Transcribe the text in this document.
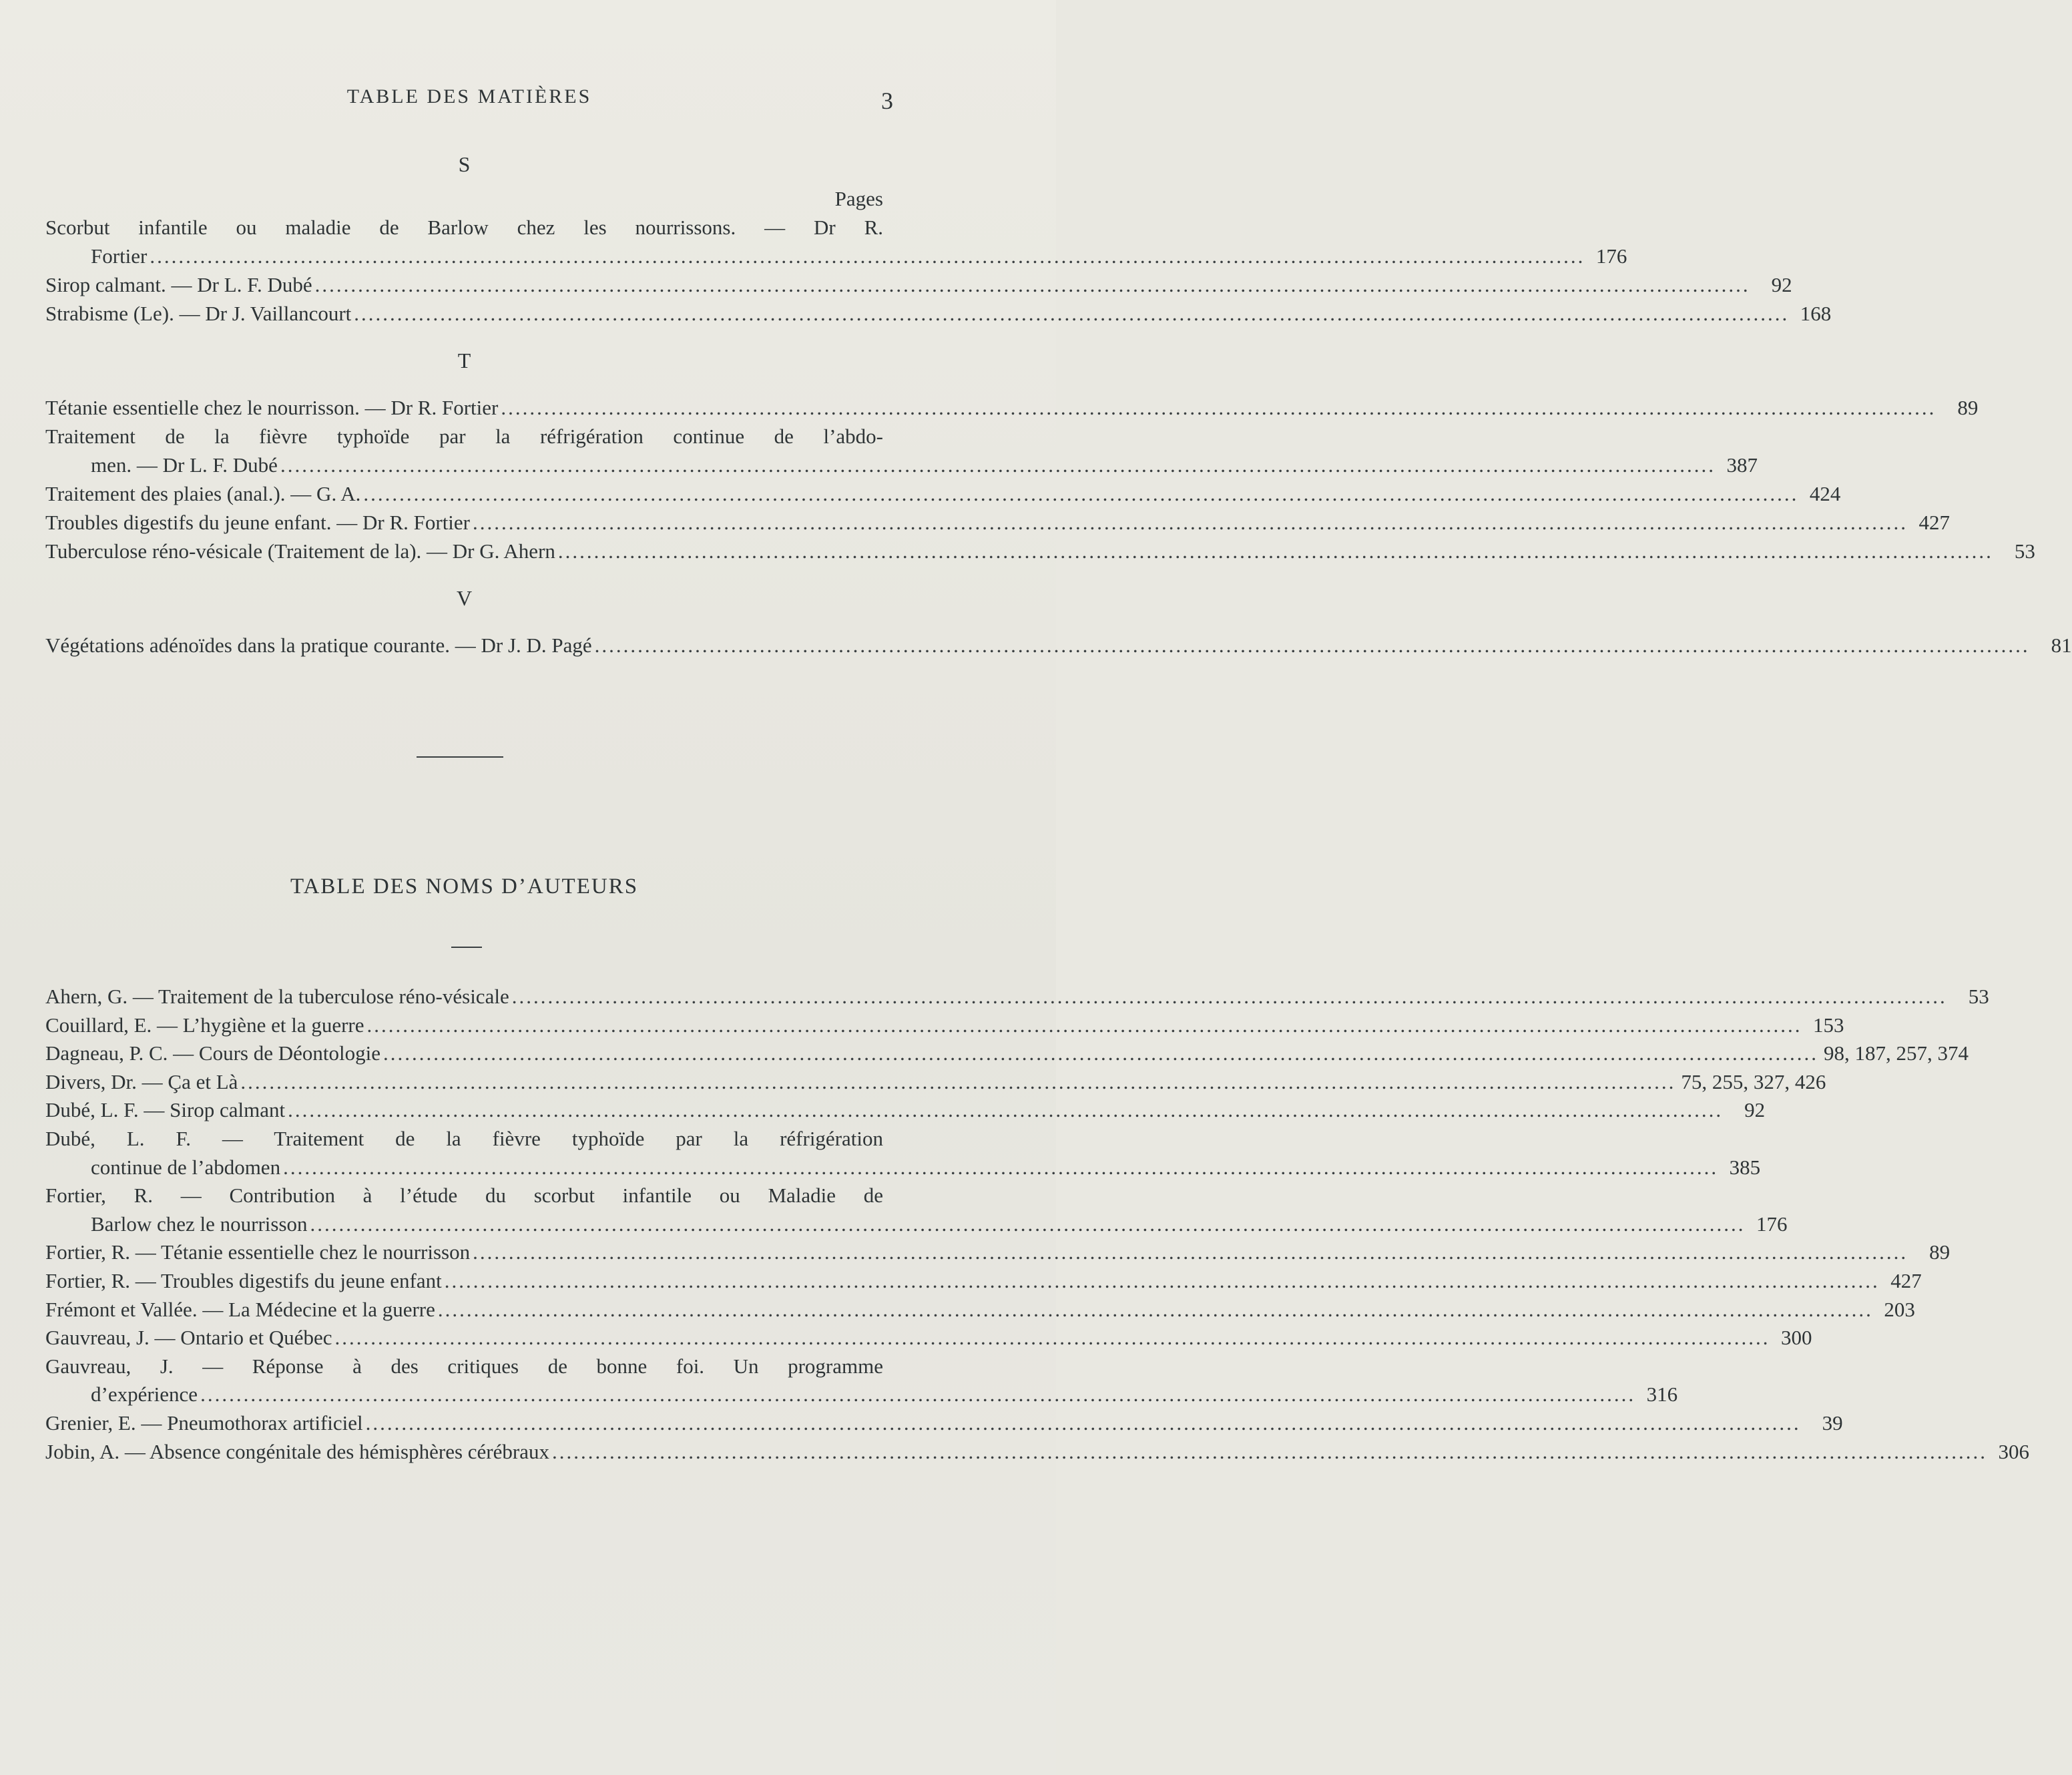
TABLE DES MATIÈRES	3
S
Pages
Scorbut infantile ou maladie de Barlow chez les nourrissons. — Dr R.
Fortier ........................................................................................................................................................................................................ 176
Sirop calmant. — Dr L. F. Dubé ........................................................................................................................................................................................................	92
Strabisme (Le). — Dr J. Vaillancourt ........................................................................................................................................................................................................ 168
T
Tétanie essentielle chez le nourrisson. — Dr R. Fortier ........................................................................................................................................................................................................	89
Traitement de la fièvre typhoïde par la réfrigération continue de l’abdo-
men. — Dr L. F. Dubé ........................................................................................................................................................................................................ 387
Traitement des plaies (anal.). — G. A. ........................................................................................................................................................................................................ 424
Troubles digestifs du jeune enfant. — Dr R. Fortier ........................................................................................................................................................................................................ 427
Tuberculose réno-vésicale (Traitement de la). — Dr G. Ahern ........................................................................................................................................................................................................	53
V
Végétations adénoïdes dans la pratique courante. — Dr J. D. Pagé ........................................................................................................................................................................................................	81
TABLE DES NOMS D’AUTEURS
Ahern, G. — Traitement de la tuberculose réno-vésicale ........................................................................................................................................................................................................	53
Couillard, E. — L’hygiène et la guerre ........................................................................................................................................................................................................ 153
Dagneau, P. C. — Cours de Déontologie ........................................................................................................................................................................................................ 98, 187, 257, 374
Divers, Dr. — Ça et Là ........................................................................................................................................................................................................ 75, 255, 327, 426
Dubé, L. F. — Sirop calmant ........................................................................................................................................................................................................	92
Dubé, L. F. — Traitement de la fièvre typhoïde par la réfrigération
continue de l’abdomen ........................................................................................................................................................................................................ 385
Fortier, R. — Contribution à l’étude du scorbut infantile ou Maladie de
Barlow chez le nourrisson ........................................................................................................................................................................................................ 176
Fortier, R. — Tétanie essentielle chez le nourrisson ........................................................................................................................................................................................................	89
Fortier, R. — Troubles digestifs du jeune enfant ........................................................................................................................................................................................................ 427
Frémont et Vallée. — La Médecine et la guerre ........................................................................................................................................................................................................ 203
Gauvreau, J. — Ontario et Québec ........................................................................................................................................................................................................ 300
Gauvreau, J. — Réponse à des critiques de bonne foi. Un programme
d’expérience ........................................................................................................................................................................................................ 316
Grenier, E. — Pneumothorax artificiel ........................................................................................................................................................................................................	39
Jobin, A. — Absence congénitale des hémisphères cérébraux ........................................................................................................................................................................................................ 306
